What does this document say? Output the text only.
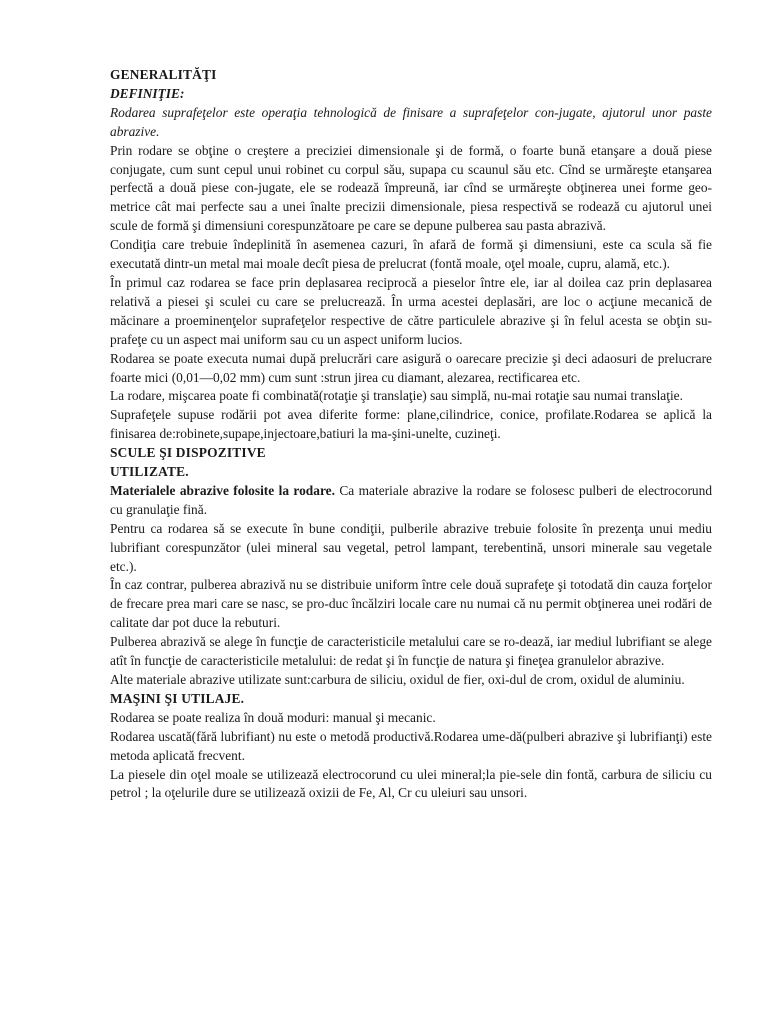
GENERALITĂŢI

DEFINIŢIE:

Rodarea suprafeţelor este operaţia tehnologică de finisare a suprafeţelor con-jugate, ajutorul unor paste abrazive.

Prin rodare se obţine o creştere a preciziei dimensionale şi de formă, o foarte bună etanşare a două piese conjugate, cum sunt cepul unui robinet cu corpul său, supapa cu scaunul său etc. Cînd se urmăreşte etanşarea perfectă a două piese con-jugate, ele se rodează împreună, iar cînd se urmăreşte obţinerea unei forme geo-metrice cât mai perfecte sau a unei înalte precizii dimensionale, piesa respectivă se rodează cu ajutorul unei scule de formă şi dimensiuni corespunzătoare pe care se depune pulberea sau pasta abrazivă.

Condiţia care trebuie îndeplinită în asemenea cazuri, în afară de formă şi dimensiuni, este ca scula să fie executată dintr-un metal mai moale decît piesa de prelucrat (fontă moale, oţel moale, cupru, alamă, etc.).

În primul caz rodarea se face prin deplasarea reciprocă a pieselor între ele, iar al doilea caz prin deplasarea relativă a piesei şi sculei cu care se prelucrează. În urma acestei deplasări, are loc o acţiune mecanică de măcinare a proeminenţelor suprafeţelor respective de către particulele abrazive şi în felul acesta se obţin su-prafeţe cu un aspect mai uniform sau cu un aspect uniform lucios.

Rodarea se poate executa numai după prelucrări care asigură o oarecare precizie şi deci adaosuri de prelucrare foarte mici (0,01—0,02 mm) cum sunt :strun jirea cu diamant, alezarea, rectificarea etc.

La rodare, mişcarea poate fi combinată(rotaţie şi translaţie) sau simplă, nu-mai rotaţie sau numai translaţie.

Suprafeţele supuse rodării pot avea diferite forme: plane,cilindrice, conice, profilate.Rodarea se aplică la finisarea de:robinete,supape,injectoare,batiuri la ma-şini-unelte, cuzineţi.

SCULE ŞI DISPOZITIVE

UTILIZATE.

Materialele abrazive folosite la rodare. Ca materiale abrazive la rodare se folosesc pulberi de electrocorund cu granulaţie fină.

Pentru ca rodarea să se execute în bune condiţii, pulberile abrazive trebuie folosite în prezenţa unui mediu lubrifiant corespunzător (ulei mineral sau vegetal, petrol lampant, terebentină, unsori minerale sau vegetale etc.).

În caz contrar, pulberea abrazivă nu se distribuie uniform între cele două suprafeţe şi totodată din cauza forţelor de frecare prea mari care se nasc, se pro-duc încălziri locale care nu numai că nu permit obţinerea unei rodări de calitate dar pot duce la rebuturi.

Pulberea abrazivă se alege în funcţie de caracteristicile metalului care se ro-dează, iar mediul lubrifiant se alege atît în funcţie de caracteristicile metalului: de redat şi în funcţie de natura şi fineţea granulelor abrazive.

Alte materiale abrazive utilizate sunt:carbura de siliciu, oxidul de fier, oxi-dul de crom, oxidul de aluminiu.

MAŞINI ŞI UTILAJE.

Rodarea se poate realiza în două moduri: manual şi mecanic.

Rodarea uscată(fără lubrifiant) nu este o metodă productivă.Rodarea ume-dă(pulberi abrazive şi lubrifianţi) este metoda aplicată frecvent.

La piesele din oţel moale se utilizează electrocorund cu ulei mineral;la pie-sele din fontă, carbura de siliciu cu petrol ; la oţelurile dure se utilizează oxizii de Fe, Al, Cr cu uleiuri sau unsori.
